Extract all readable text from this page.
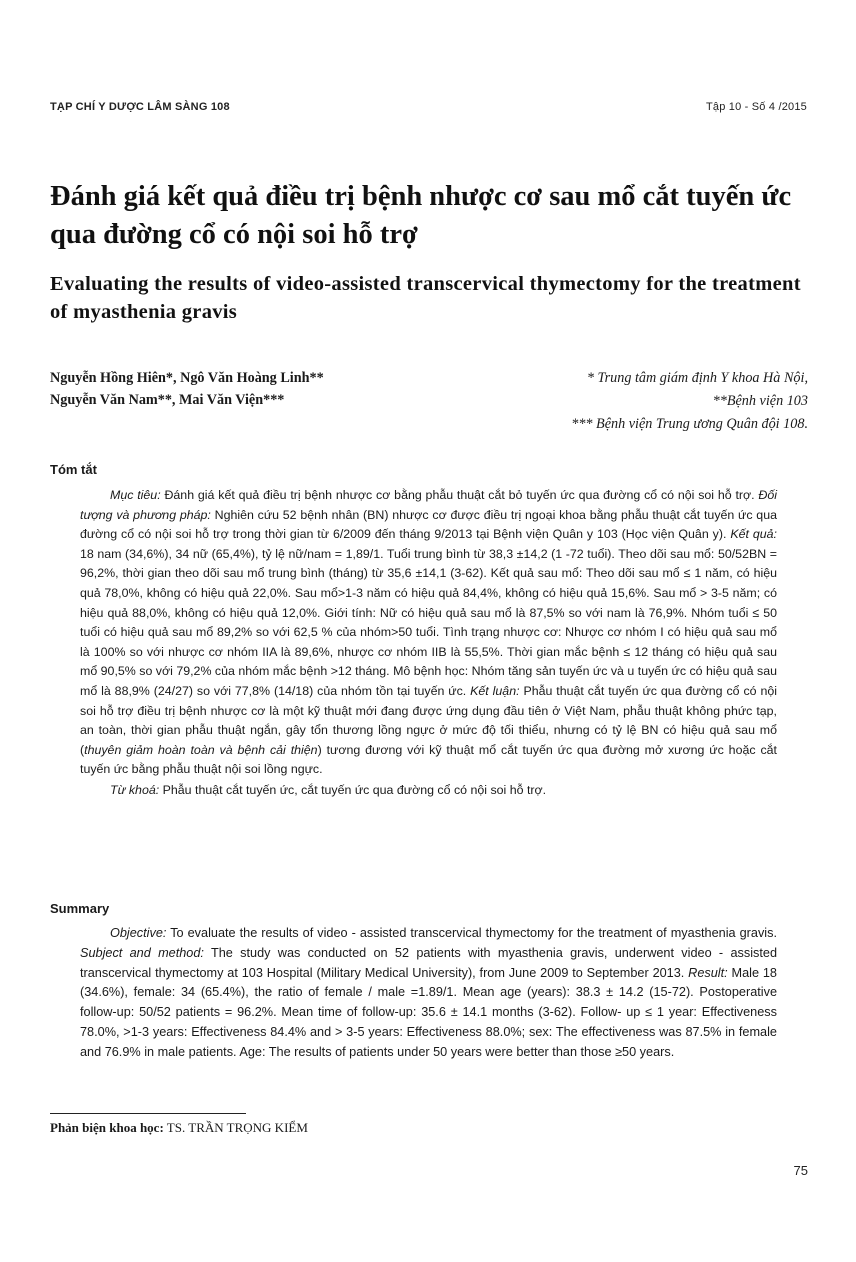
TẠP CHÍ Y DƯỢC LÂM SÀNG 108	Tập 10 - Số 4 /2015
Đánh giá kết quả điều trị bệnh nhược cơ sau mổ cắt tuyến ức qua đường cổ có nội soi hỗ trợ
Evaluating the results of video-assisted transcervical thymectomy for the treatment of myasthenia gravis
Nguyễn Hồng Hiên*, Ngô Văn Hoàng Linh**
Nguyễn Văn Nam**, Mai Văn Viện***
* Trung tâm giám định Y khoa Hà Nội,
**Bệnh viện 103
*** Bệnh viện Trung ương Quân đội 108.
Tóm tắt

Mục tiêu: Đánh giá kết quả điều trị bệnh nhược cơ bằng phẫu thuật cắt bỏ tuyến ức qua đường cổ có nội soi hỗ trợ. Đối tượng và phương pháp: Nghiên cứu 52 bệnh nhân (BN) nhược cơ được điều trị ngoại khoa bằng phẫu thuật cắt tuyến ức qua đường cổ có nội soi hỗ trợ trong thời gian từ 6/2009 đến tháng 9/2013 tại Bệnh viện Quân y 103 (Học viện Quân y). Kết quả: 18 nam (34,6%), 34 nữ (65,4%), tỷ lệ nữ/nam = 1,89/1. Tuổi trung bình từ 38,3 ±14,2 (1 -72 tuổi). Theo dõi sau mổ: 50/52BN = 96,2%, thời gian theo dõi sau mổ trung bình (tháng) từ 35,6 ±14,1 (3-62). Kết quả sau mổ: Theo dõi sau mổ ≤ 1 năm, có hiệu quả 78,0%, không có hiệu quả 22,0%. Sau mổ>1-3 năm có hiệu quả 84,4%, không có hiệu quả 15,6%. Sau mổ > 3-5 năm; có hiệu quả 88,0%, không có hiệu quả 12,0%. Giới tính: Nữ có hiệu quả sau mổ là 87,5% so với nam là 76,9%. Nhóm tuổi ≤ 50 tuổi có hiệu quả sau mổ 89,2% so với 62,5 % của nhóm>50 tuổi. Tình trạng nhược cơ: Nhược cơ nhóm I có hiệu quả sau mổ là 100% so với nhược cơ nhóm IIA là 89,6%, nhược cơ nhóm IIB là 55,5%. Thời gian mắc bệnh ≤ 12 tháng có hiệu quả sau mổ 90,5% so với 79,2% của nhóm mắc bệnh >12 tháng. Mô bệnh học: Nhóm tăng sản tuyến ức và u tuyến ức có hiệu quả sau mổ là 88,9% (24/27) so với 77,8% (14/18) của nhóm tồn tại tuyến ức. Kết luận: Phẫu thuật cắt tuyến ức qua đường cổ có nội soi hỗ trợ điều trị bệnh nhược cơ là một kỹ thuật mới đang được ứng dụng đầu tiên ở Việt Nam, phẫu thuật không phức tạp, an toàn, thời gian phẫu thuật ngắn, gây tổn thương lồng ngực ở mức độ tối thiểu, nhưng có tỷ lệ BN có hiệu quả sau mổ (thuyên giảm hoàn toàn và bệnh cải thiện) tương đương với kỹ thuật mổ cắt tuyến ức qua đường mở xương ức hoặc cắt tuyến ức bằng phẫu thuật nội soi lồng ngực.

Từ khoá: Phẫu thuật cắt tuyến ức, cắt tuyến ức qua đường cổ có nội soi hỗ trợ.

Summary

Objective: To evaluate the results of video - assisted transcervical thymectomy for the treatment of myasthenia gravis. Subject and method: The study was conducted on 52 patients with myasthenia gravis, underwent video - assisted transcervical thymectomy at 103 Hospital (Military Medical University), from June 2009 to September 2013. Result: Male 18 (34.6%), female: 34 (65.4%), the ratio of female / male =1.89/1. Mean age (years): 38.3 ± 14.2 (15-72). Postoperative follow-up: 50/52 patients = 96.2%. Mean time of follow-up: 35.6 ± 14.1 months (3-62). Follow- up ≤ 1 year: Effectiveness 78.0%, >1-3 years: Effectiveness 84.4% and > 3-5 years: Effectiveness 88.0%; sex: The effectiveness was 87.5% in female and 76.9% in male patients. Age: The results of patients under 50 years were better than those ≥50 years.

Phản biện khoa học: TS. TRẦN TRỌNG KIỂM
75
